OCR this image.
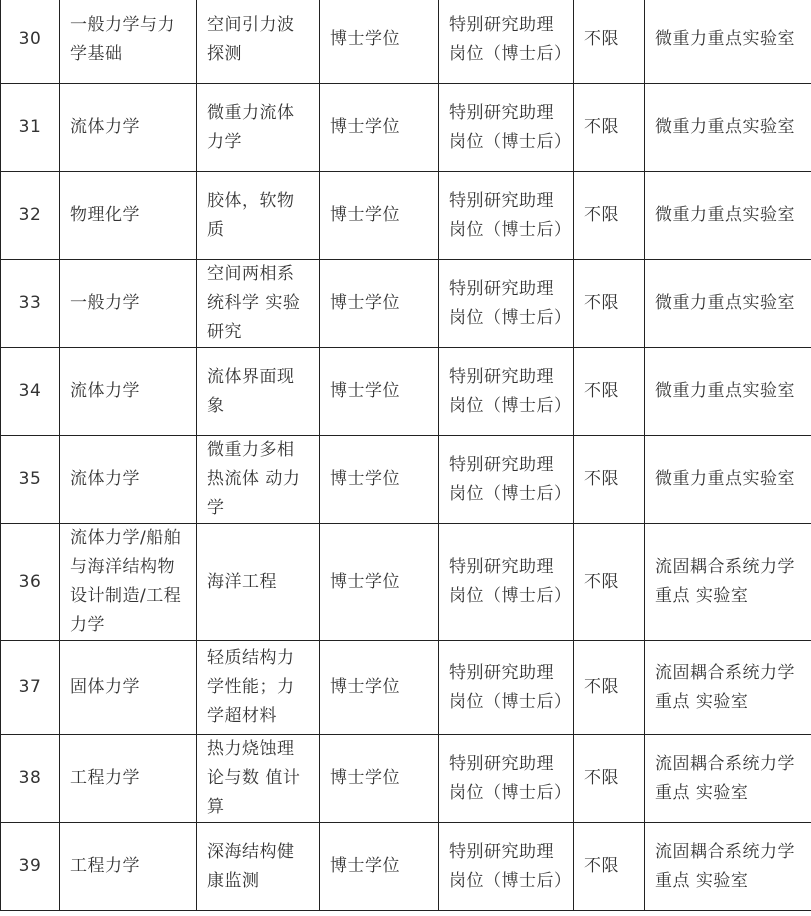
30	一般力学与力学基础	空间引力波探测	博士学位	特别研究助理岗位（博士后）	不限	微重力重点实验室
31	流体力学	微重力流体力学	博士学位	特别研究助理岗位（博士后）	不限	微重力重点实验室
32	物理化学	胶体，软物质	博士学位	特别研究助理岗位（博士后）	不限	微重力重点实验室
33	一般力学	空间两相系统科学 实验研究	博士学位	特别研究助理岗位（博士后）	不限	微重力重点实验室
34	流体力学	流体界面现象	博士学位	特别研究助理岗位（博士后）	不限	微重力重点实验室
35	流体力学	微重力多相热流体 动力学	博士学位	特别研究助理岗位（博士后）	不限	微重力重点实验室
36	流体力学/船舶与海洋结构物设计制造/工程力学	海洋工程	博士学位	特别研究助理岗位（博士后）	不限	流固耦合系统力学重点 实验室
37	固体力学	轻质结构力学性能；力学超材料	博士学位	特别研究助理岗位（博士后）	不限	流固耦合系统力学重点 实验室
38	工程力学	热力烧蚀理论与数 值计算	博士学位	特别研究助理岗位（博士后）	不限	流固耦合系统力学重点 实验室
39	工程力学	深海结构健康监测	博士学位	特别研究助理岗位（博士后）	不限	流固耦合系统力学重点 实验室
